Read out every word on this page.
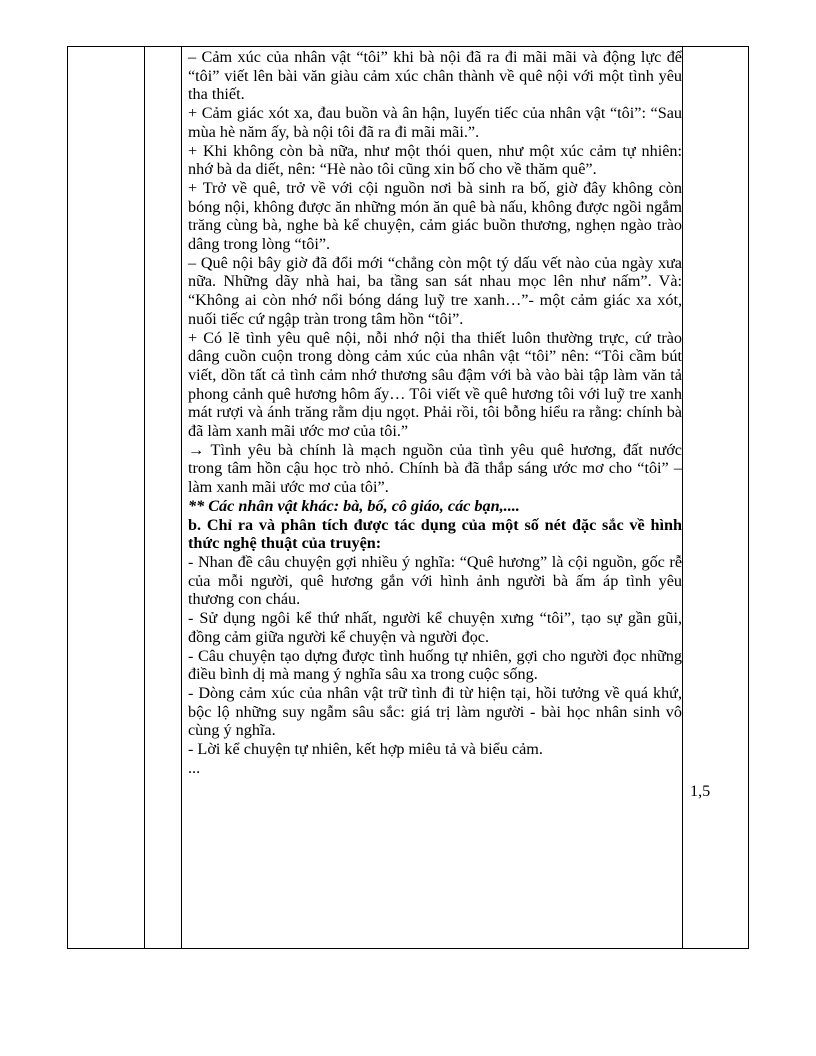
– Cảm xúc của nhân vật “tôi” khi bà nội đã ra đi mãi mãi và động lực để “tôi” viết lên bài văn giàu cảm xúc chân thành về quê nội với một tình yêu tha thiết.

+ Cảm giác xót xa, đau buồn và ân hận, luyến tiếc của nhân vật “tôi”: “Sau mùa hè năm ấy, bà nội tôi đã ra đi mãi mãi.”.

+ Khi không còn bà nữa, như một thói quen, như một xúc cảm tự nhiên: nhớ bà da diết, nên: “Hè nào tôi cũng xin bố cho về thăm quê”.

+ Trở về quê, trở về với cội nguồn nơi bà sinh ra bố, giờ đây không còn bóng nội, không được ăn những món ăn quê bà nấu, không được ngồi ngắm trăng cùng bà, nghe bà kể chuyện, cảm giác buồn thương, nghẹn ngào trào dâng trong lòng “tôi”.

– Quê nội bây giờ đã đổi mới “chẳng còn một tý dấu vết nào của ngày xưa nữa. Những dãy nhà hai, ba tầng san sát nhau mọc lên như nấm”. Và: “Không ai còn nhớ nổi bóng dáng luỹ tre xanh…”- một cảm giác xa xót, nuối tiếc cứ ngập tràn trong tâm hồn “tôi”.

+ Có lẽ tình yêu quê nội, nỗi nhớ nội tha thiết luôn thường trực, cứ trào dâng cuồn cuộn trong dòng cảm xúc của nhân vật “tôi” nên: “Tôi cầm bút viết, dồn tất cả tình cảm nhớ thương sâu đậm với bà vào bài tập làm văn tả phong cảnh quê hương hôm ấy… Tôi viết về quê hương tôi với luỹ tre xanh mát rượi và ánh trăng rằm dịu ngọt. Phải rồi, tôi bỗng hiểu ra rằng: chính bà đã làm xanh mãi ước mơ của tôi.”

→ Tình yêu bà chính là mạch nguồn của tình yêu quê hương, đất nước trong tâm hồn cậu học trò nhỏ. Chính bà đã thắp sáng ước mơ cho “tôi” – làm xanh mãi ước mơ của tôi”.

** Các nhân vật khác: bà, bố, cô giáo, các bạn,....

b. Chỉ ra và phân tích được tác dụng của một số nét đặc sắc về hình thức nghệ thuật của truyện:

- Nhan đề câu chuyện gợi nhiều ý nghĩa: “Quê hương” là cội nguồn, gốc rễ của mỗi người, quê hương gắn với hình ảnh người bà ấm áp tình yêu thương con cháu.

- Sử dụng ngôi kể thứ nhất, người kể chuyện xưng “tôi”, tạo sự gần gũi, đồng cảm giữa người kể chuyện và người đọc.

- Câu chuyện tạo dựng được tình huống tự nhiên, gợi cho người đọc những điều bình dị mà mang ý nghĩa sâu xa trong cuộc sống.

- Dòng cảm xúc của nhân vật trữ tình đi từ hiện tại, hồi tưởng về quá khứ, bộc lộ những suy ngẫm sâu sắc: giá trị làm người - bài học nhân sinh vô cùng ý nghĩa.

- Lời kể chuyện tự nhiên, kết hợp miêu tả và biểu cảm.

...

1,5
